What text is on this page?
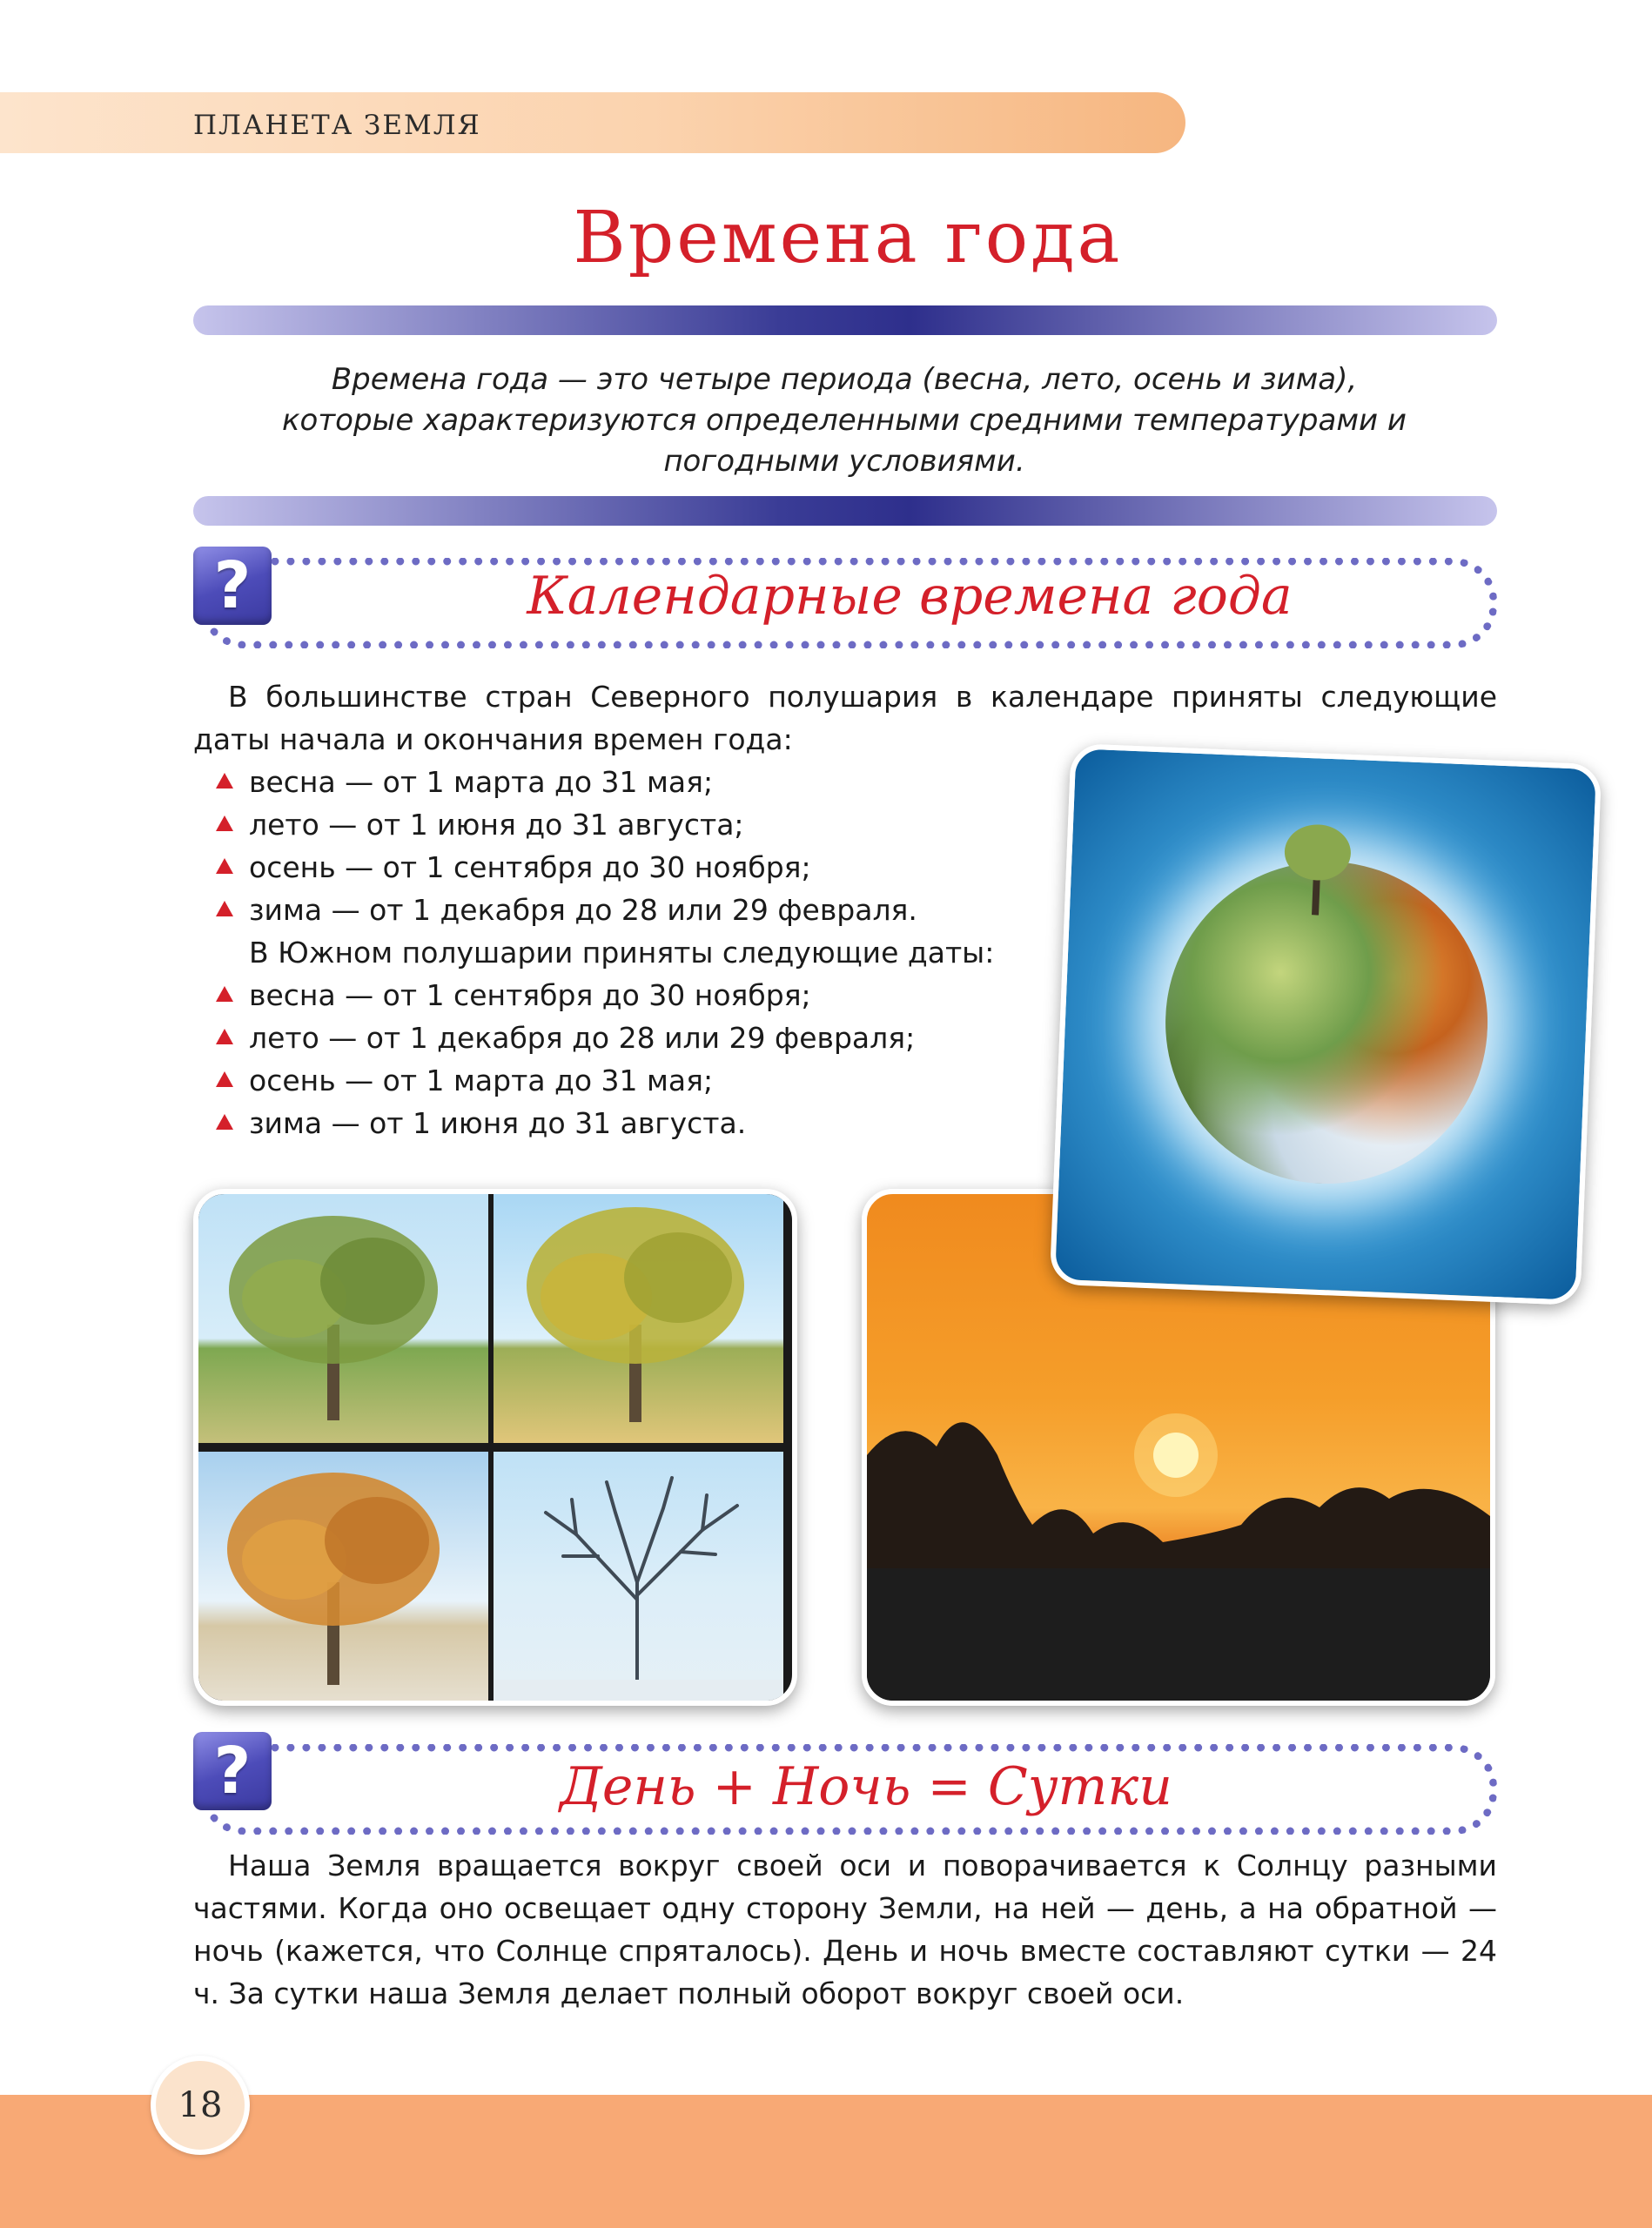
ПЛАНЕТА ЗЕМЛЯ
Времена года
Времена года — это четыре периода (весна, лето, осень и зима), которые характеризуются определенными средними температурами и погодными условиями.
?	Календарные времена года
В большинстве стран Северного полушария в календаре приняты следующие даты начала и окончания времен года:
весна — от 1 марта до 31 мая;
лето — от 1 июня до 31 августа;
осень — от 1 сентября до 30 ноября;
зима — от 1 декабря до 28 или 29 февраля.
В Южном полушарии приняты следующие даты:
весна — от 1 сентября до 30 ноября;
лето — от 1 декабря до 28 или 29 февраля;
осень — от 1 марта до 31 мая;
зима — от 1 июня до 31 августа.
?	День + Ночь = Сутки
Наша Земля вращается вокруг своей оси и поворачивается к Солнцу разными частями. Когда оно освещает одну сторону Земли, на ней — день, а на обратной — ночь (кажется, что Солнце спряталось). День и ночь вместе составляют сутки — 24 ч. За сутки наша Земля делает полный оборот вокруг своей оси.
18
